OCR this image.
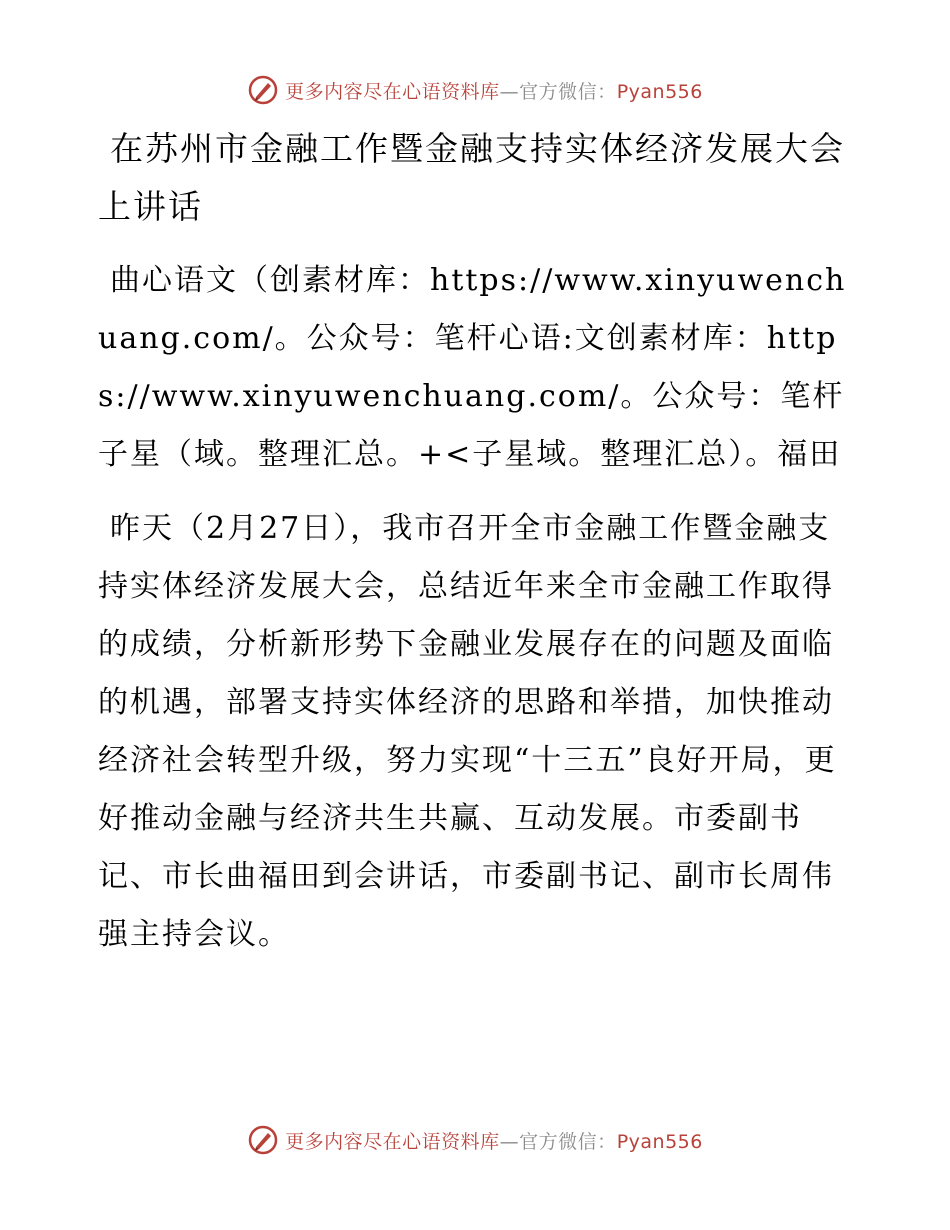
更多内容尽在心语资料库—官方微信：Pyan556
在苏州市金融工作暨金融支持实体经济发展大会上讲话

曲心语文（创素材库：https://www.xinyuwenchuang.com/。公众号：笔杆心语:文创素材库：https://www.xinyuwenchuang.com/。公众号：笔杆子星（域。整理汇总。+<子星域。整理汇总）。福田

昨天（2月27日），我市召开全市金融工作暨金融支持实体经济发展大会，总结近年来全市金融工作取得的成绩，分析新形势下金融业发展存在的问题及面临的机遇，部署支持实体经济的思路和举措，加快推动经济社会转型升级，努力实现“十三五”良好开局，更好推动金融与经济共生共赢、互动发展。市委副书记、市长曲福田到会讲话，市委副书记、副市长周伟强主持会议。

更多内容尽在心语资料库—官方微信：Pyan556
